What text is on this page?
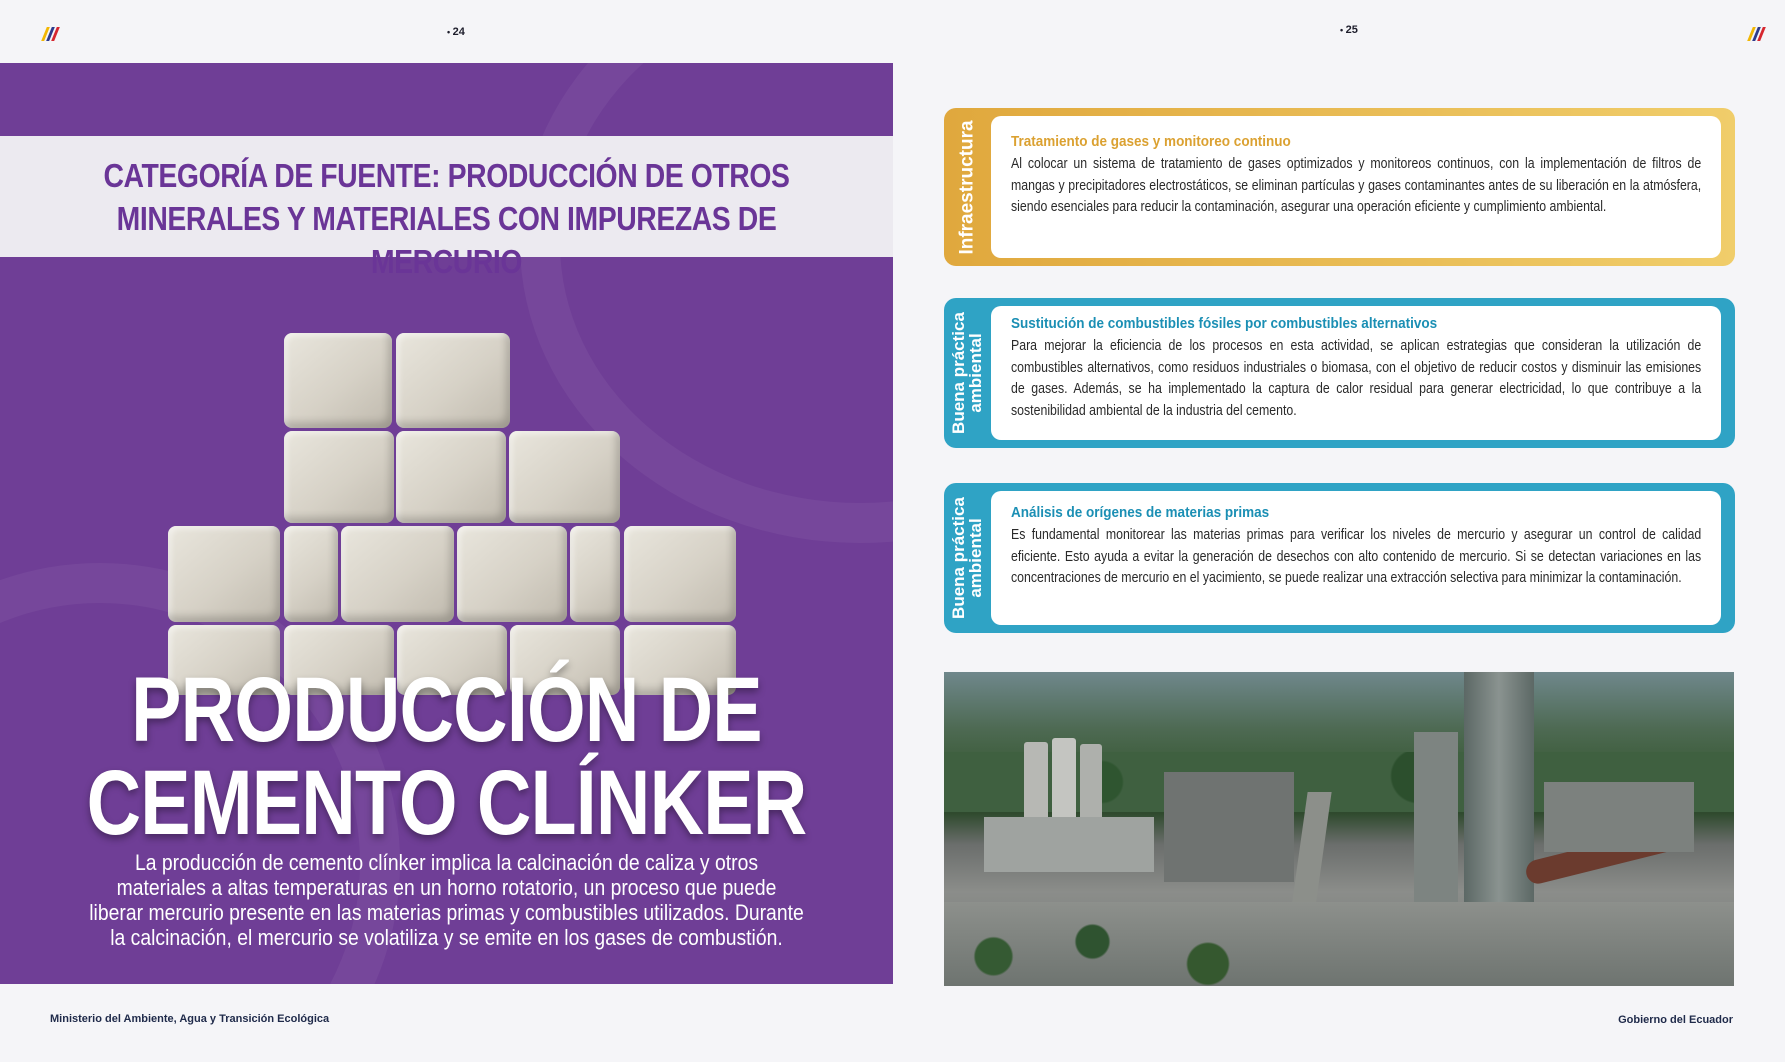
• 24
•	25
CATEGORÍA DE FUENTE: PRODUCCIÓN DE OTROS
MINERALES Y MATERIALES CON IMPUREZAS DE MERCURIO
PRODUCCIÓN DE
CEMENTO CLÍNKER
La producción de cemento clínker implica la calcinación de caliza y otros materiales a altas temperaturas en un horno rotatorio, un proceso que puede liberar mercurio presente en las materias primas y combustibles utilizados. Durante la calcinación, el mercurio se volatiliza y se emite en los gases de combustión.
Ministerio del Ambiente, Agua y Transición Ecológica	Gobierno del Ecuador
Infraestructura Tratamiento de gases y monitoreo continuo
Al colocar un sistema de tratamiento de gases optimizados y monitoreos continuos, con la implementación de filtros de mangas y precipitadores electrostáticos, se eliminan partículas y gases contaminantes antes de su liberación en la atmósfera, siendo esenciales para reducir la contaminación, asegurar una operación eficiente y cumplimiento ambiental.
Buena práctica
ambiental
Sustitución de combustibles fósiles por combustibles alternativos
Para mejorar la eficiencia de los procesos en esta actividad, se aplican estrategias que consideran la utilización de combustibles alternativos, como residuos industriales o biomasa, con el objetivo de reducir costos y disminuir las emisiones de gases. Además, se ha implementado la captura de calor residual para generar electricidad, lo que contribuye a la sostenibilidad ambiental de la industria del cemento.
Buena práctica
ambiental
Análisis de orígenes de materias primas
Es fundamental monitorear las materias primas para verificar los niveles de mercurio y asegurar un control de calidad eficiente. Esto ayuda a evitar la generación de desechos con alto contenido de mercurio. Si se detectan variaciones en las concentraciones de mercurio en el yacimiento, se puede realizar una extracción selectiva para minimizar la contaminación.
